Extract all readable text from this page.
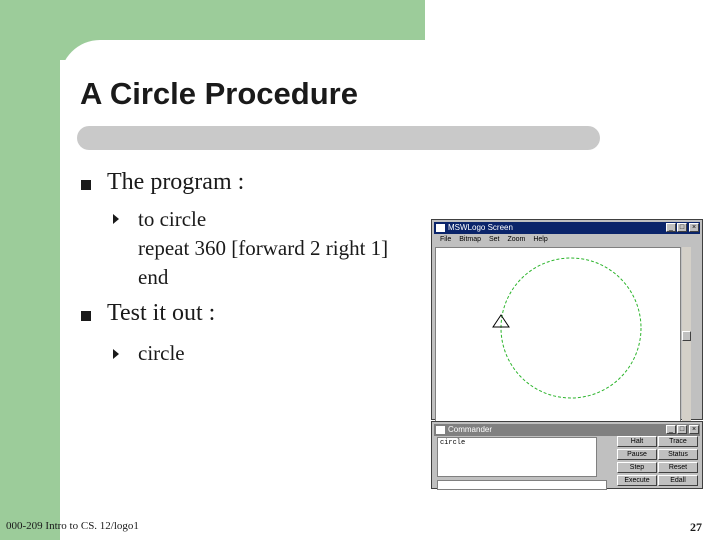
A Circle Procedure
The program :
to circle
repeat 360 [forward 2 right 1]
end
Test it out :
circle
MSWLogo Screen	_ □	×
File Bitmap Set Zoom Help
Commander	_ □	×
circle	Halt	Trace
Pause	Status
Step	Reset
Execute	Edall
000-209 Intro to CS. 12/logo1	27
